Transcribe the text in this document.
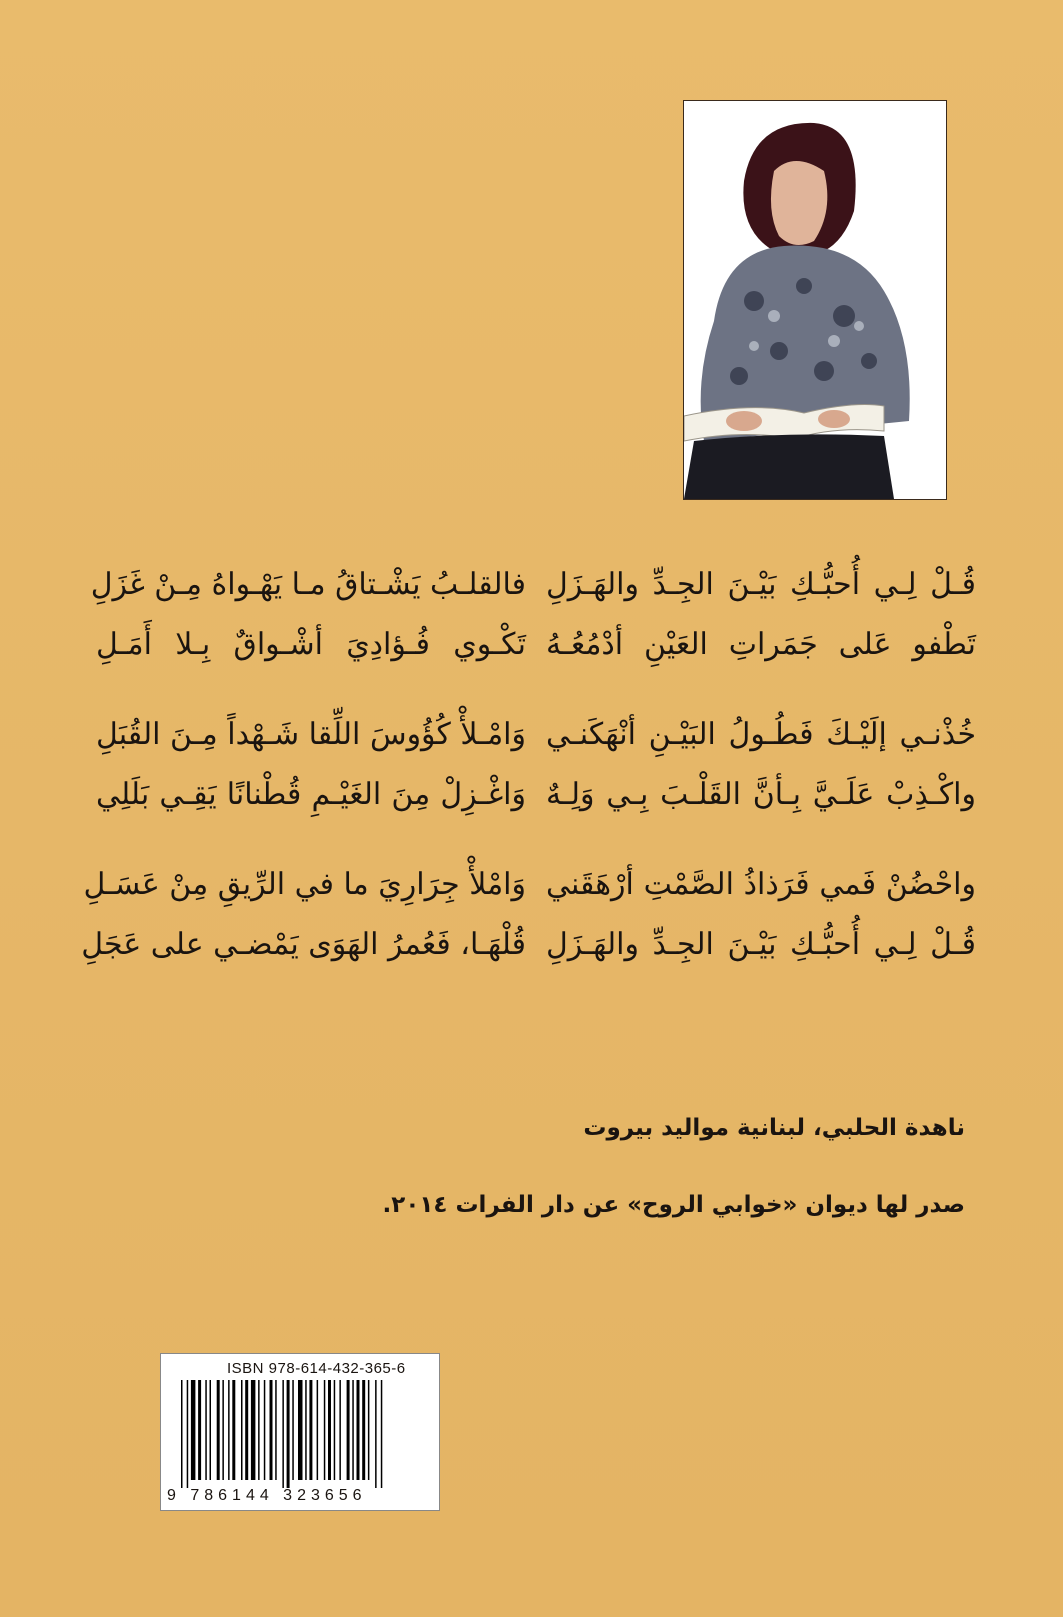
قُـلْ لِـي أُحبُّـكِ بَيْـنَ الجِـدِّ والهَـزَلِ
تَطْفو عَلى جَمَراتِ العَيْنِ أدْمُعُـهُ
خُذْنـي إلَيْـكَ فَطُـولُ البَيْـنِ أنْهَكَنـي
واكْـذِبْ عَلَـيَّ بِـأنَّ القَلْـبَ بِـي وَلِـهٌ
واحْضُنْ فَمي فَرَذاذُ الصَّمْتِ أرْهَقَني
قُـلْ لِـي أُحبُّـكِ بَيْـنَ الجِـدِّ والهَـزَلِ
فالقلـبُ يَشْـتاقُ مـا يَهْـواهُ مِـنْ غَزَلِ
تَكْـوي فُـؤادِيَ أشْـواقٌ بِـلا أَمَـلِ
وَامْـلأْ كُؤُوسَ اللِّقا شَـهْداً مِـنَ القُبَلِ
وَاغْـزِلْ مِنَ الغَيْـمِ قُطْنانًا يَقِـي بَلَلِي
وَامْلأْ جِرَارِيَ ما في الرِّيقِ مِنْ عَسَـلِ
قُلْهَـا، فَعُمرُ الهَوَى يَمْضـي على عَجَلِ
ناهدة الحلبي، لبنانية مواليد بيروت
صدر لها ديوان «خوابي الروح» عن دار الفرات ٢٠١٤.
ISBN 978-614-432-365-6
9 786144 323656
